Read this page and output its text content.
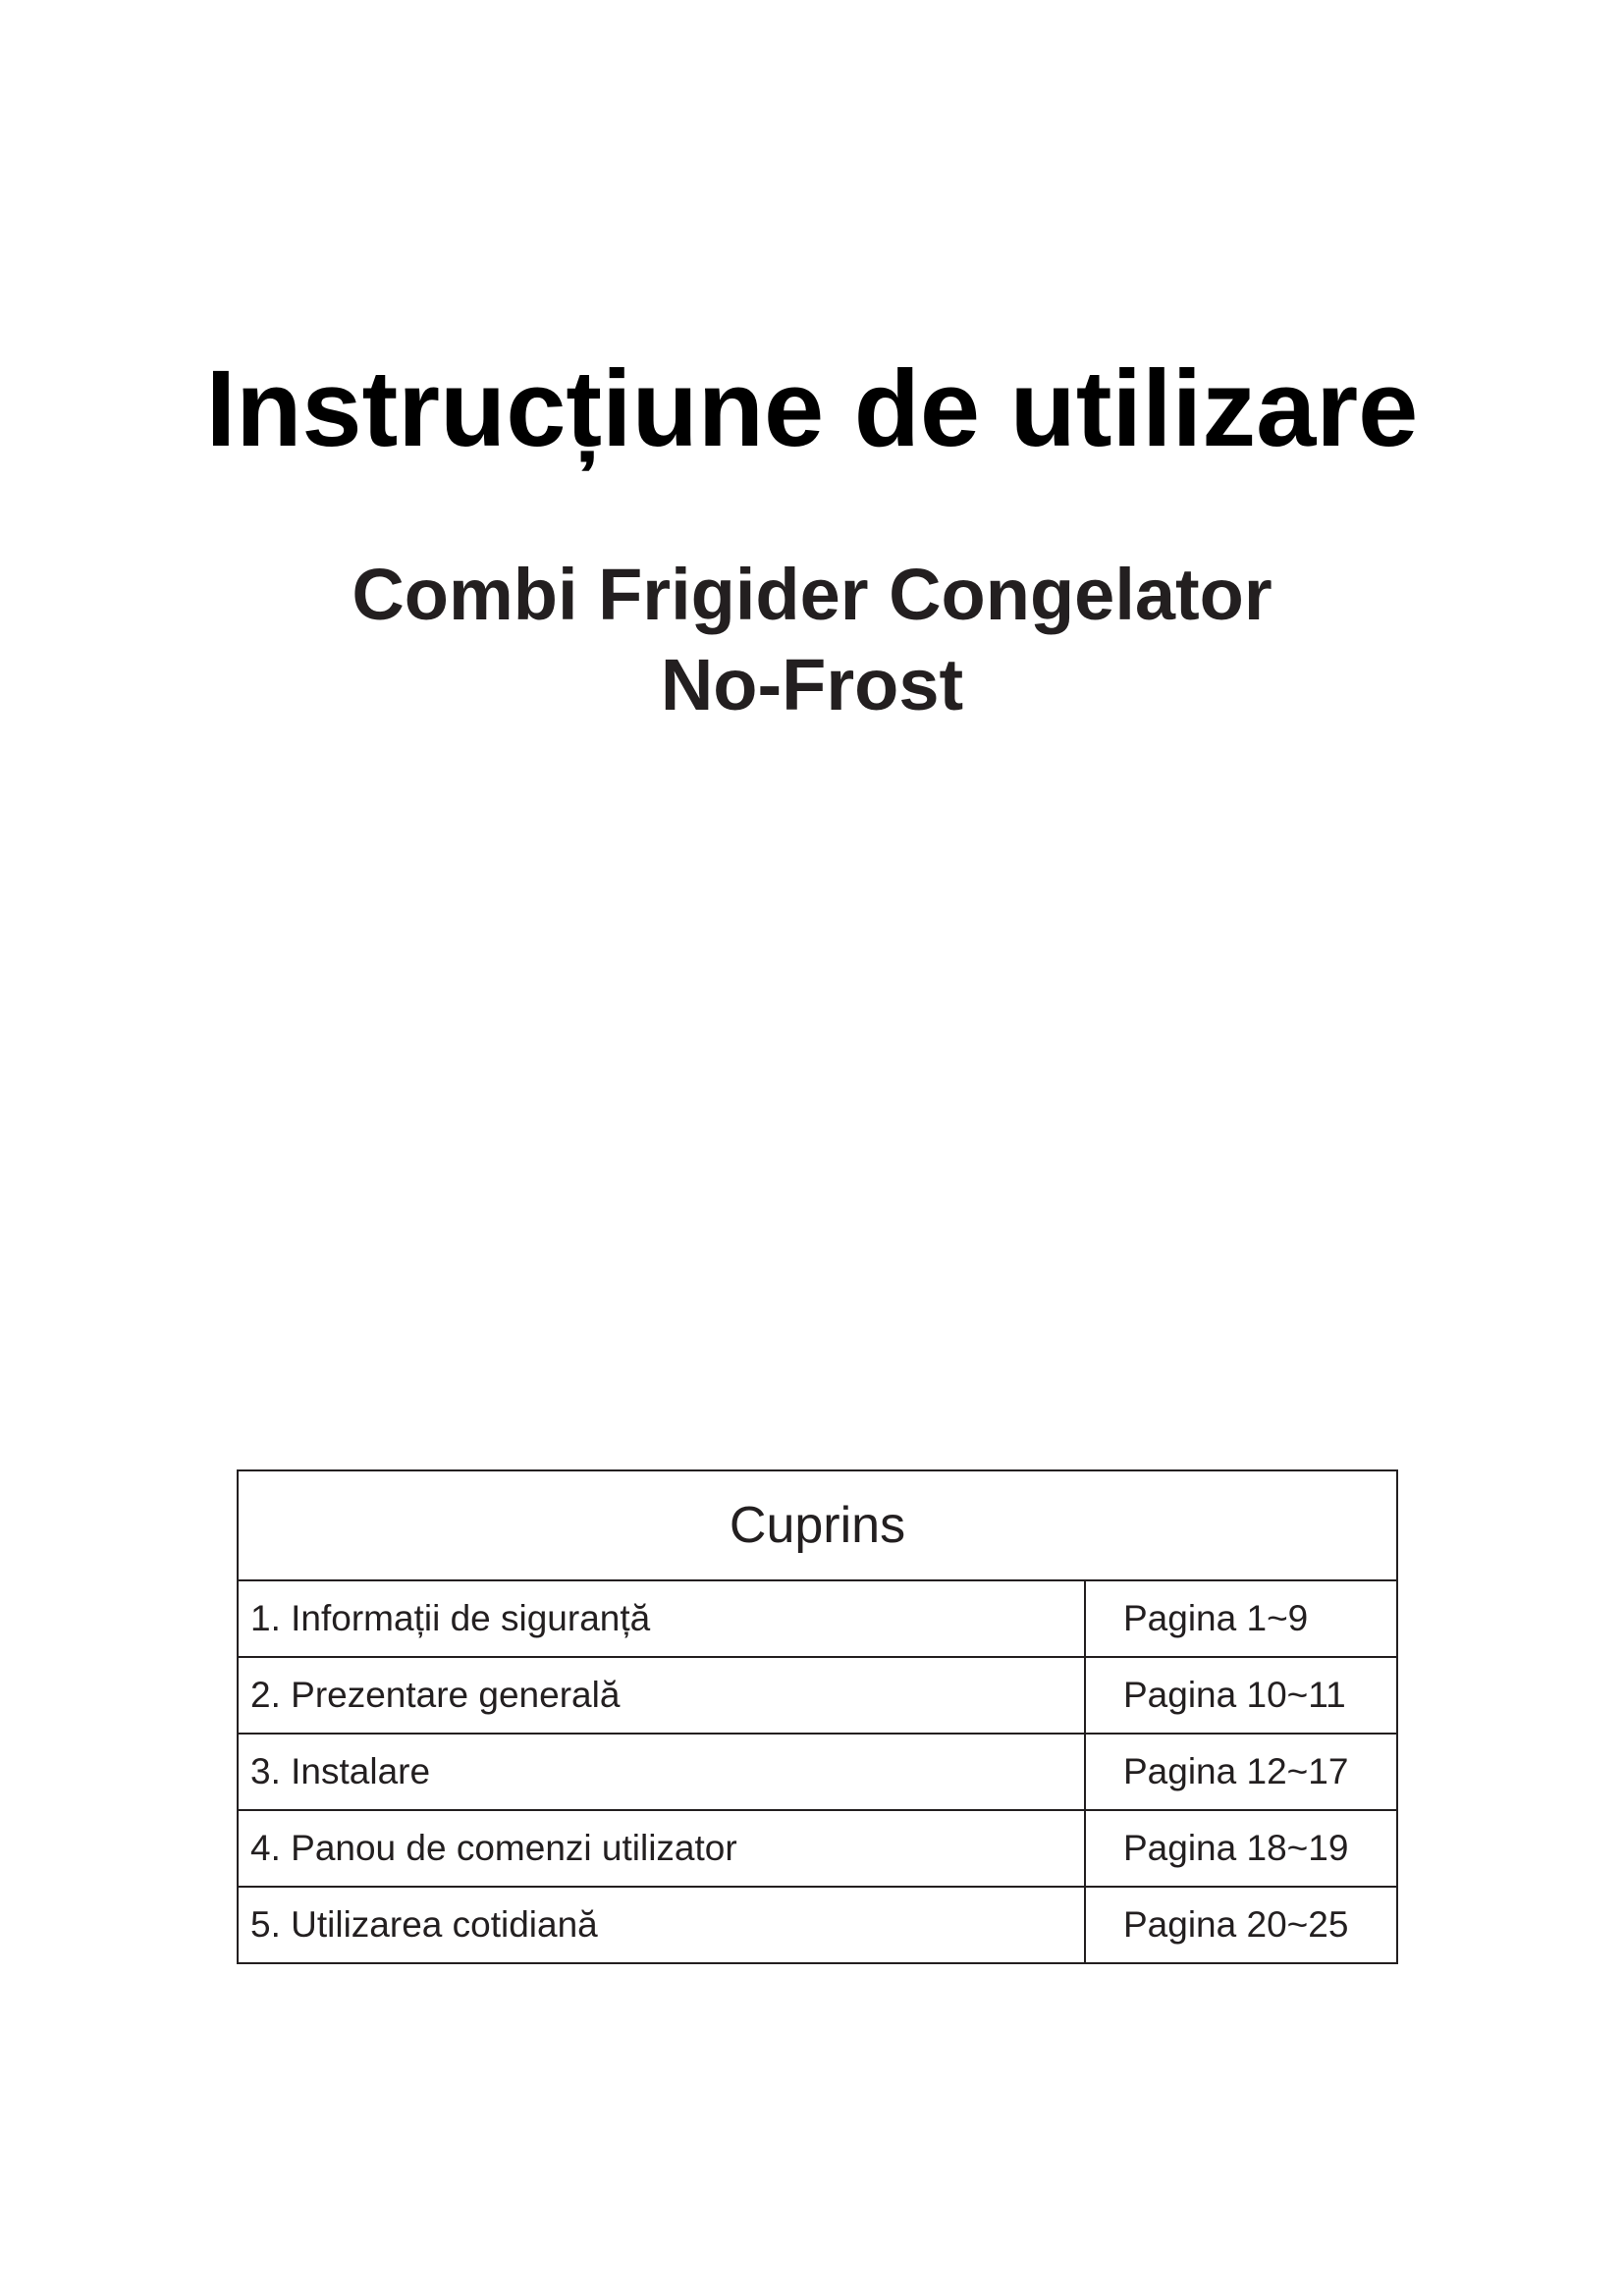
Instrucțiune de utilizare

Combi Frigider Congelator

No-Frost

Cuprins	
1. Informații de siguranță	Pagina 1~9
2. Prezentare generală	Pagina 10~11
3. Instalare	Pagina 12~17
4. Panou de comenzi utilizator	Pagina 18~19
5. Utilizarea cotidiană	Pagina 20~25
